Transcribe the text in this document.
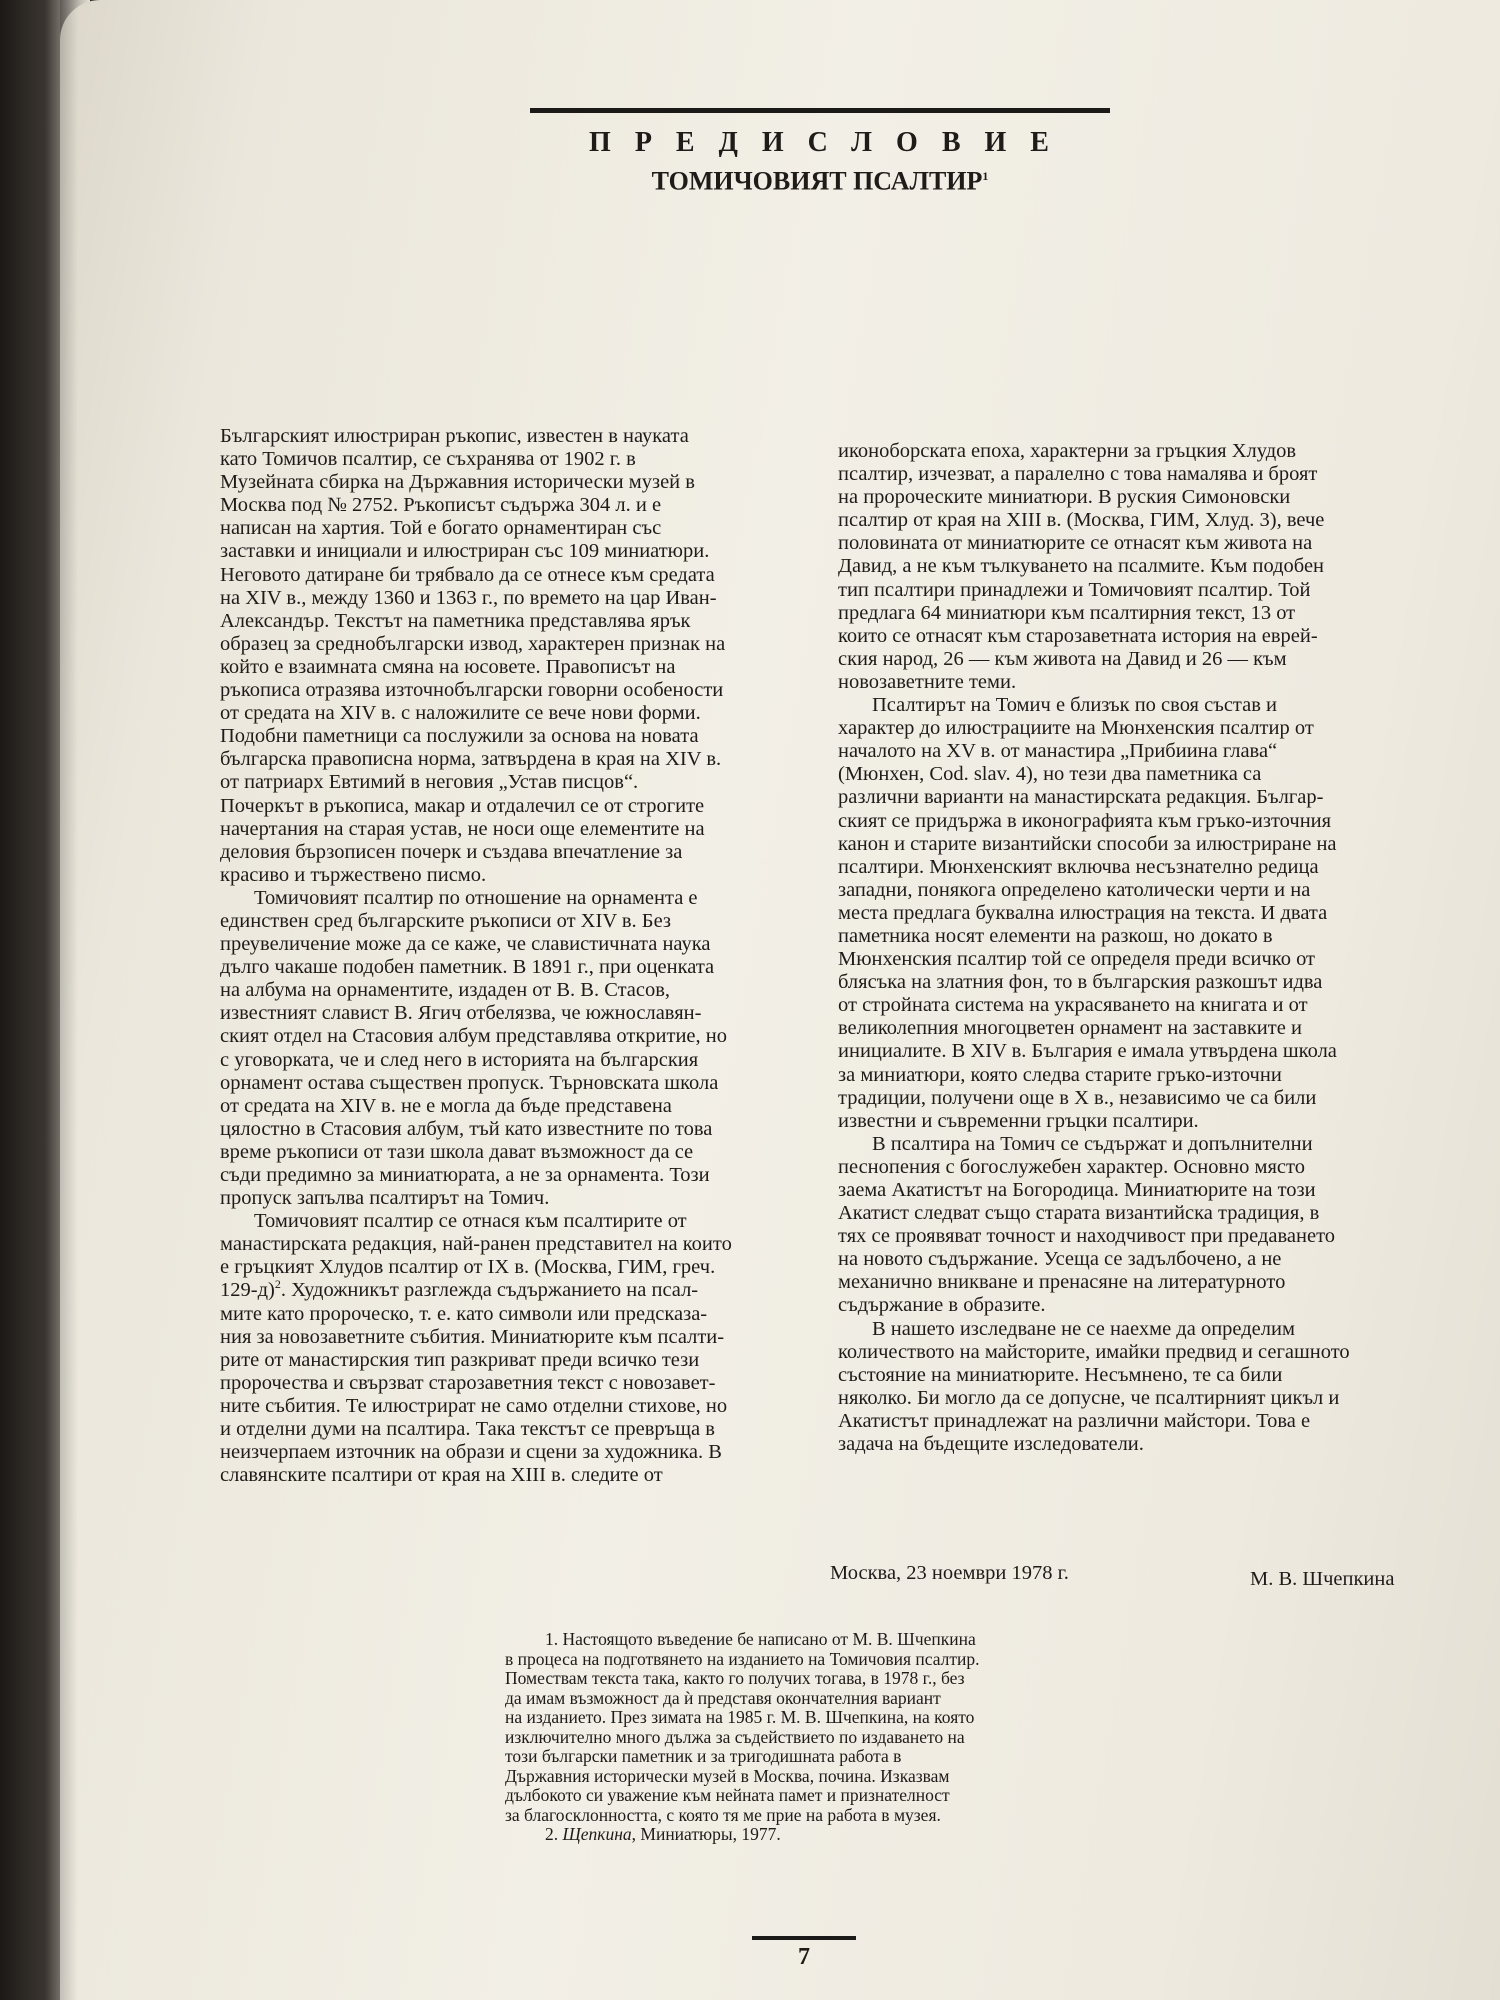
ПРЕДИСЛОВИЕ
ТОМИЧОВИЯТ ПСАЛТИР$^1$
Българският илюстриран ръкопис, известен в науката
като Томичов псалтир, се съхранява от 1902 г. в
Музейната сбирка на Държавния исторически музей в
Москва под № 2752. Ръкописът съдържа 304 л. и е
написан на хартия. Той е богато орнаментиран със
заставки и инициали и илюстриран със 109 миниатюри.
Неговото датиране би трябвало да се отнесе към средата
на XIV в., между 1360 и 1363 г., по времето на цар Иван-
Александър. Текстът на паметника представлява ярък
образец за среднобългарски извод, характерен признак на
който е взаимната смяна на юсовете. Правописът на
ръкописа отразява източнобългарски говорни особености
от средата на XIV в. с наложилите се вече нови форми.
Подобни паметници са послужили за основа на новата
българска правописна норма, затвърдена в края на XIV в.
от патриарх Евтимий в неговия „Устав писцов“.
Почеркът в ръкописа, макар и отдалечил се от строгите
начертания на старая устав, не носи още елементите на
деловия бързописен почерк и създава впечатление за
красиво и тържествено писмо.
Томичовият псалтир по отношение на орнамента е
единствен сред българските ръкописи от XIV в. Без
преувеличение може да се каже, че славистичната наука
дълго чакаше подобен паметник. В 1891 г., при оценката
на албума на орнаментите, издаден от В. В. Стасов,
известният славист В. Ягич отбелязва, че южнославян-
ският отдел на Стасовия албум представлява откритие, но
с уговорката, че и след него в историята на българския
орнамент остава съществен пропуск. Търновската школа
от средата на XIV в. не е могла да бъде представена
цялостно в Стасовия албум, тъй като известните по това
време ръкописи от тази школа дават възможност да се
съди предимно за миниатюрата, а не за орнамента. Този
пропуск запълва псалтирът на Томич.
Томичовият псалтир се отнася към псалтирите от
манастирската редакция, най-ранен представител на които
е гръцкият Хлудов псалтир от IX в. (Москва, ГИМ, греч.
129-д)$^2$. Художникът разглежда съдържанието на псал-
мите като пророческо, т. е. като символи или предсказа-
ния за новозаветните събития. Миниатюрите към псалти-
рите от манастирския тип разкриват преди всичко тези
пророчества и свързват старозаветния текст с новозавет-
ните събития. Те илюстрират не само отделни стихове, но
и отделни думи на псалтира. Така текстът се превръща в
неизчерпаем източник на образи и сцени за художника. В
славянските псалтири от края на XIII в. следите от
иконоборската епоха, характерни за гръцкия Хлудов
псалтир, изчезват, а паралелно с това намалява и броят
на пророческите миниатюри. В руския Симоновски
псалтир от края на XIII в. (Москва, ГИМ, Хлуд. 3), вече
половината от миниатюрите се отнасят към живота на
Давид, а не към тълкуването на псалмите. Към подобен
тип псалтири принадлежи и Томичовият псалтир. Той
предлага 64 миниатюри към псалтирния текст, 13 от
които се отнасят към старозаветната история на еврей-
ския народ, 26 — към живота на Давид и 26 — към
новозаветните теми.
Псалтирът на Томич е близък по своя състав и
характер до илюстрациите на Мюнхенския псалтир от
началото на XV в. от манастира „Прибиина глава“
(Мюнхен, Cod. slav. 4), но тези два паметника са
различни варианти на манастирската редакция. Българ-
ският се придържа в иконографията към гръко-източния
канон и старите византийски способи за илюстриране на
псалтири. Мюнхенският включва несъзнателно редица
западни, понякога определено католически черти и на
места предлага буквална илюстрация на текста. И двата
паметника носят елементи на разкош, но докато в
Мюнхенския псалтир той се определя преди всичко от
блясъка на златния фон, то в българския разкошът идва
от стройната система на украсяването на книгата и от
великолепния многоцветен орнамент на заставките и
инициалите. В XIV в. България е имала утвърдена школа
за миниатюри, която следва старите гръко-източни
традиции, получени още в X в., независимо че са били
известни и съвременни гръцки псалтири.
В псалтира на Томич се съдържат и допълнителни
песнопения с богослужебен характер. Основно място
заема Акатистът на Богородица. Миниатюрите на този
Акатист следват също старата византийска традиция, в
тях се проявяват точност и находчивост при предаването
на новото съдържание. Усеща се задълбочено, а не
механично вникване и пренасяне на литературното
съдържание в образите.
В нашето изследване не се наехме да определим
количеството на майсторите, имайки предвид и сегашното
състояние на миниатюрите. Несъмнено, те са били
няколко. Би могло да се допусне, че псалтирният цикъл и
Акатистът принадлежат на различни майстори. Това е
задача на бъдещите изследователи.
Москва, 23 ноември 1978 г.	М. В. Шчепкина
1. Настоящото въведение бе написано от М. В. Шчепкина
в процеса на подготвянето на изданието на Томичовия псалтир.
Помествам текста така, както го получих тогава, в 1978 г., без
да имам възможност да ѝ представя окончателния вариант
на изданието. През зимата на 1985 г. М. В. Шчепкина, на която
изключително много дължа за съдействието по издаването на
този български паметник и за тригодишната работа в
Държавния исторически музей в Москва, почина. Изказвам
дълбокото си уважение към нейната памет и признателност
за благосклонността, с която тя ме прие на работа в музея.
2. Щепкина, Миниатюры, 1977.
7
